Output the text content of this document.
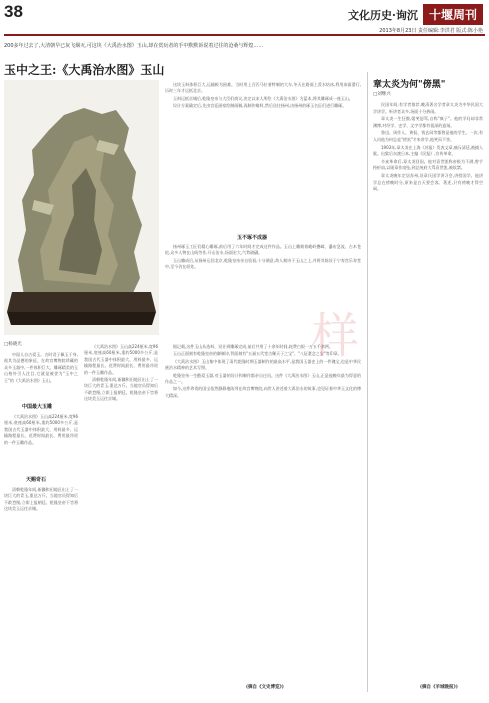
38	文化历史·询沉 十堰周刊
2013年8月23日 责任编辑:李洪君 版式:陈小艳
200多年过去了,大清朝早已灰飞烟灭,可这块《大禹治水图》玉山,却在赏玩者的手中默默诉说着过往的沧桑与辉煌……
玉中之王:《大禹治水图》玉山
□杨晓光

中国人自古爱玉。古时君子佩玉于身,视其为品德的象征。在故宫博物院珍藏的众多玉器中,一件体积巨大、雕琢精美的玉山格外引人注目,它就是被誉为"玉中之王"的《大禹治水图》玉山。

中国最大玉雕

《大禹治水图》玉山高224厘米,宽96厘米,底座高60厘米,重约5000多公斤,是我国古代玉器中体积最大、用料最多、运输路程最长、花费时间最长、费用最昂贵的一件玉雕作品。

天赐奇石

清朝乾隆年间,新疆和田地区出土了一块巨大的青玉,重达万斤。当地官员得知后不敢怠慢,立即上报朝廷。乾隆皇帝下旨将这块美玉运往京城。

《大禹治水图》玉山高224厘米,宽96厘米,底座高60厘米,重约5000多公斤,是我国古代玉器中体积最大、用料最多、运输路程最长、花费时间最长、费用最昂贵的一件玉雕作品。

清朝乾隆年间,新疆和田地区出土了一块巨大的青玉,重达万斤。当地官员得知后不敢怠慢,立即上报朝廷。乾隆皇帝下旨将这块美玉运往京城。

这块玉料体积巨大,运输极为困难。当时用上百匹马拉着特制的大车,冬天在路面上泼水结冰,利用冰面滑行,历时三年才运抵北京。

玉料运抵京城后,乾隆皇帝与大臣们商议,决定以宋人所绘《大禹治水图》为蓝本,将其雕琢成一座玉山。

设计方案确定后,先由宫廷画家绘制画稿,再制作蜡样,然后送往扬州,由扬州的琢玉名匠们进行雕琢。

玉不琢不成器

扬州琢玉工匠们精心雕琢,前后用了六年时间才完成这件作品。玉山上雕刻着峻岭叠嶂、瀑布急流、古木苍松,众多人物在山间劳作,开山治水,场面宏大,气势磅礴。

玉山雕成后,从扬州运回北京,乾隆皇帝亲自验看,十分满意,命人刻诗于玉山之上,并将其陈设于宁寿宫乐寿堂中,至今仍在原处。

据记载,这件玉山从选料、设计到雕琢完成,前后共用了十余年时间,耗费白银一万五千余两。

玉山正面刻有乾隆皇帝的御制诗,背面刻有"五福五代堂古稀天子之宝"、"八征耄念之宝"等印章。

《大禹治水图》玉山集中体现了清代乾隆时期玉器制作的最高水平,是我国玉器史上的一件瑰宝,也是中华民族治水精神的艺术写照。

乾隆皇帝一生酷爱玉器,对玉器的设计和制作都亲自过问。这件《大禹治水图》玉山,正是他晚年最为得意的作品之一。

如今,这件珍贵的国宝依然静静地陈列在故宫博物院,向世人讲述着大禹治水的故事,也见证着中华玉文化的博大精深。

(摘自《文史博览》)
样
章太炎为何"傍黑"
□刘继兴

民国年间,有学者推荐,晚清著名学者章太炎为中华民国大学讲学。听讲者众多,场面十分热闹。

章太炎一生狂傲,嬉笑怒骂,自称"疯子"。他的学问却非常渊博,对经学、史学、文字学都有很深的造诣。

鲁迅、周作人、黄侃、钱玄同等都曾是他的学生。一次,有人问他为何总是"傍黑"才来讲学,他笑而不答。

1903年,章太炎在上海《苏报》发表文章,痛斥清廷,被捕入狱。出狱后东渡日本,主编《民报》,宣传革命。

辛亥革命后,章太炎回国。他对袁世凯称帝极为不满,曾手持折扇,以勋章作扇坠,到总统府大骂袁世凯,被软禁。

章太炎晚年定居苏州,设章氏国学讲习会,讲授国学。他讲学总在傍晚时分,原来是白天要会客、著述,只有傍晚才得空闲。

(摘自《羊城晚报》)
